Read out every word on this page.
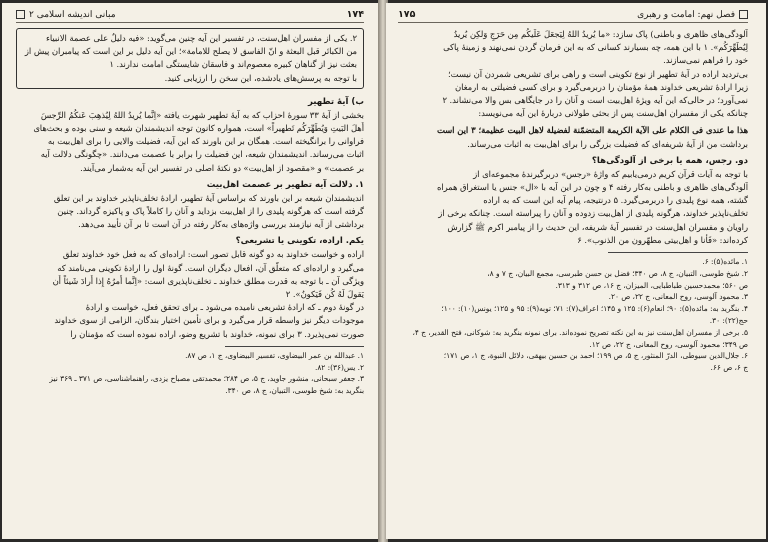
۱۷۴
مبانی اندیشه اسلامی ۲
۲. یکی از مفسران اهل‌سنت، در تفسیر این آیه چنین می‌گوید: «فیه دلیلٌ علی عصمة الانبیاء
من الکبائر قبل البعثة و انّ الفاسق لا یصلح للامامة»؛ این آیه دلیل بر این است که پیامبران پیش از
بعثت نیز از گناهان کبیره معصوم‌اند و فاسقان شایستگی امامت ندارند. ۱
با توجه به پرسش‌های یادشده، این سخن را ارزیابی کنید.
ب) آیهٔ تطهیر
بخشی از آیهٔ ۳۳ سورهٔ احزاب که به آیهٔ تطهیر شهرت یافته «اِنَّما یُریدُ اللهُ لِیُذهِبَ عَنکُمُ الرِّجسَ
أَهلَ البَیتِ وَیُطَهِّرَکُم تَطهیراً» است، همواره کانون توجه اندیشمندان شیعه و سنی بوده و بحث‌های
فراوانی را برانگیخته است. همگان بر این باورند که این آیه، فضیلت والایی را برای اهل‌بیت به
اثبات می‌رساند. اندیشمندان شیعه، این فضیلت را برابر با عصمت می‌دانند. «چگونگی دلالت آیه
بر عصمت» و «مقصود از اهل‌بیت» دو نکتهٔ اصلی در تفسیر این آیه به‌شمار می‌آیند.
۱. دلالت آیه تطهیر بر عصمت اهل‌بیت
اندیشمندان شیعه بر این باورند که براساس آیهٔ تطهیر، ارادهٔ تخلف‌ناپذیر خداوند بر این تعلق
گرفته است که هرگونه پلیدی را از اهل‌بیت بزداید و آنان را کاملاً پاک و پاکیزه گرداند. چنین
برداشتی از آیه نیازمند بررسی واژه‌های به‌کار رفته در آن است تا بر آن تأیید می‌دهد.
یکم. اراده، تکوینی یا تشریعی؟
اراده و خواست خداوند به دو گونه قابل تصور است: اراده‌ای که به فعل خود خداوند تعلق
می‌گیرد و اراده‌ای که متعلّق آن، افعال دیگران است. گونهٔ اول را ارادهٔ تکوینی می‌نامند که
ویژگی آن ـ با توجه به قدرت مطلق خداوند ـ تخلف‌ناپذیری است: «اِنَّما أَمرُهُ إِذا أَرادَ شَیئاً أَن
یَقولَ لَهُ کُن فَیَکونُ». ۲
در گونهٔ دوم ـ که ارادهٔ تشریعی نامیده می‌شود ـ برای تحقق فعل، خواست و ارادهٔ
موجودات دیگر نیز واسطه قرار می‌گیرد و برای تأمین اختیار بندگان، الزامی از سوی خداوند
صورت نمی‌پذیرد. ۳ برای نمونه، خداوند با تشریع وضو، اراده نموده است که مؤمنان را
۱. عبدالله بن عمر البیضاوی، تفسیر البیضاوی، ج ۱، ص ۸۷.
۲. یس(۳۶): ۸۲.
۳. جعفر سبحانی، منشور جاوید، ج ۵، ص ۲۸۴؛ محمدتقی مصباح یزدی، راهنماشناسی، ص ۳۷۱ ـ ۳۶۹ نیز
بنگرید به: شیخ طوسی، التبیان، ج ۸، ص ۳۴۰.
فصل نهم: امامت و رهبری
۱۷۵
آلودگی‌های ظاهری و باطنی) پاک سازد: «ما یُریدُ اللهُ لِیَجعَلَ عَلَیکُم مِن حَرَجٍ وَلکِن یُریدُ
لِیُطَهِّرَکُم». ۱ با این همه، چه بسیارند کسانی که به این فرمان گردن نمی‌نهند و زمینهٔ پاکی
خود را فراهم نمی‌سازند.
بی‌تردید اراده در آیهٔ تطهیر از نوع تکوینی است و راهی برای تشریعی شمردن آن نیست؛
زیرا ارادهٔ تشریعی خداوند همهٔ مؤمنان را دربرمی‌گیرد و برای کسی فضیلتی به ارمغان
نمی‌آورد؛ در حالی‌که این آیه ویژهٔ اهل‌بیت است و آنان را در جایگاهی بس والا می‌نشاند. ۲
چنانکه یکی از مفسران اهل‌سنت پس از بحثی طولانی دربارهٔ این آیه می‌نویسد:
هذا ما عندی فی الکلام علی الآیة الکریمة المتضمّنة لفضیلة لاهل البیت عظیمة؛ ۳ این است
برداشت من از آیهٔ شریفه‌ای که فضیلت بزرگی را برای اهل‌بیت به اثبات می‌رساند.
دو. رجس، همه یا برخی از آلودگی‌ها؟
با توجه به آیات قرآن کریم درمی‌یابیم که واژهٔ «رجس» دربرگیرندهٔ مجموعه‌ای از
آلودگی‌های ظاهری و باطنی به‌کار رفته ۴ و چون در این آیه با «ال» جنس یا استغراق همراه
گشته، همه نوع پلیدی را دربرمی‌گیرد. ۵ درنتیجه، پیام آیه این است که به اراده
تخلف‌ناپذیر خداوند، هرگونه پلیدی از اهل‌بیت زدوده و آنان را پیراسته است. چنانکه برخی از
راویان و مفسران اهل‌سنت در تفسیر آیهٔ شریفه، این حدیث را از پیامبر اکرم ﷺ گزارش
کرده‌اند: «فَأنا و اهل‌بیتی مطهّرون من الذنوب». ۶
۱. مائده(۵): ۶.
۲. شیخ طوسی، التبیان، ج ۸، ص ۳۴۰؛ فضل بن حسن طبرسی، مجمع البیان، ج ۷ و ۸،
ص ۵۶۰؛ محمدحسین طباطبایی، المیزان، ج ۱۶، ص ۳۱۲ و ۳۱۳.
۳. محمود آلوسی، روح المعانی، ج ۲۲، ص ۲۰.
۴. بنگرید به: مائده(۵): ۹۰؛ انعام(۶): ۱۲۵ و ۱۴۵؛ اعراف(۷): ۷۱؛ توبه(۹): ۹۵ و ۱۲۵؛ یونس(۱۰): ۱۰۰؛
حج(۲۲): ۳۰.
۵. برخی از مفسران اهل‌سنت نیز به این نکته تصریح نموده‌اند. برای نمونه بنگرید به: شوکانی، فتح القدیر، ج ۴،
ص ۳۴۹؛ محمود آلوسی، روح المعانی، ج ۲۲، ص ۱۲.
۶. جلال‌الدین سیوطی، الدرّ المنثور، ج ۵، ص ۱۹۹؛ احمد بن حسین بیهقی، دلائل النبوة، ج ۱، ص ۱۷۱؛
ج ۶، ص ۶۶.
